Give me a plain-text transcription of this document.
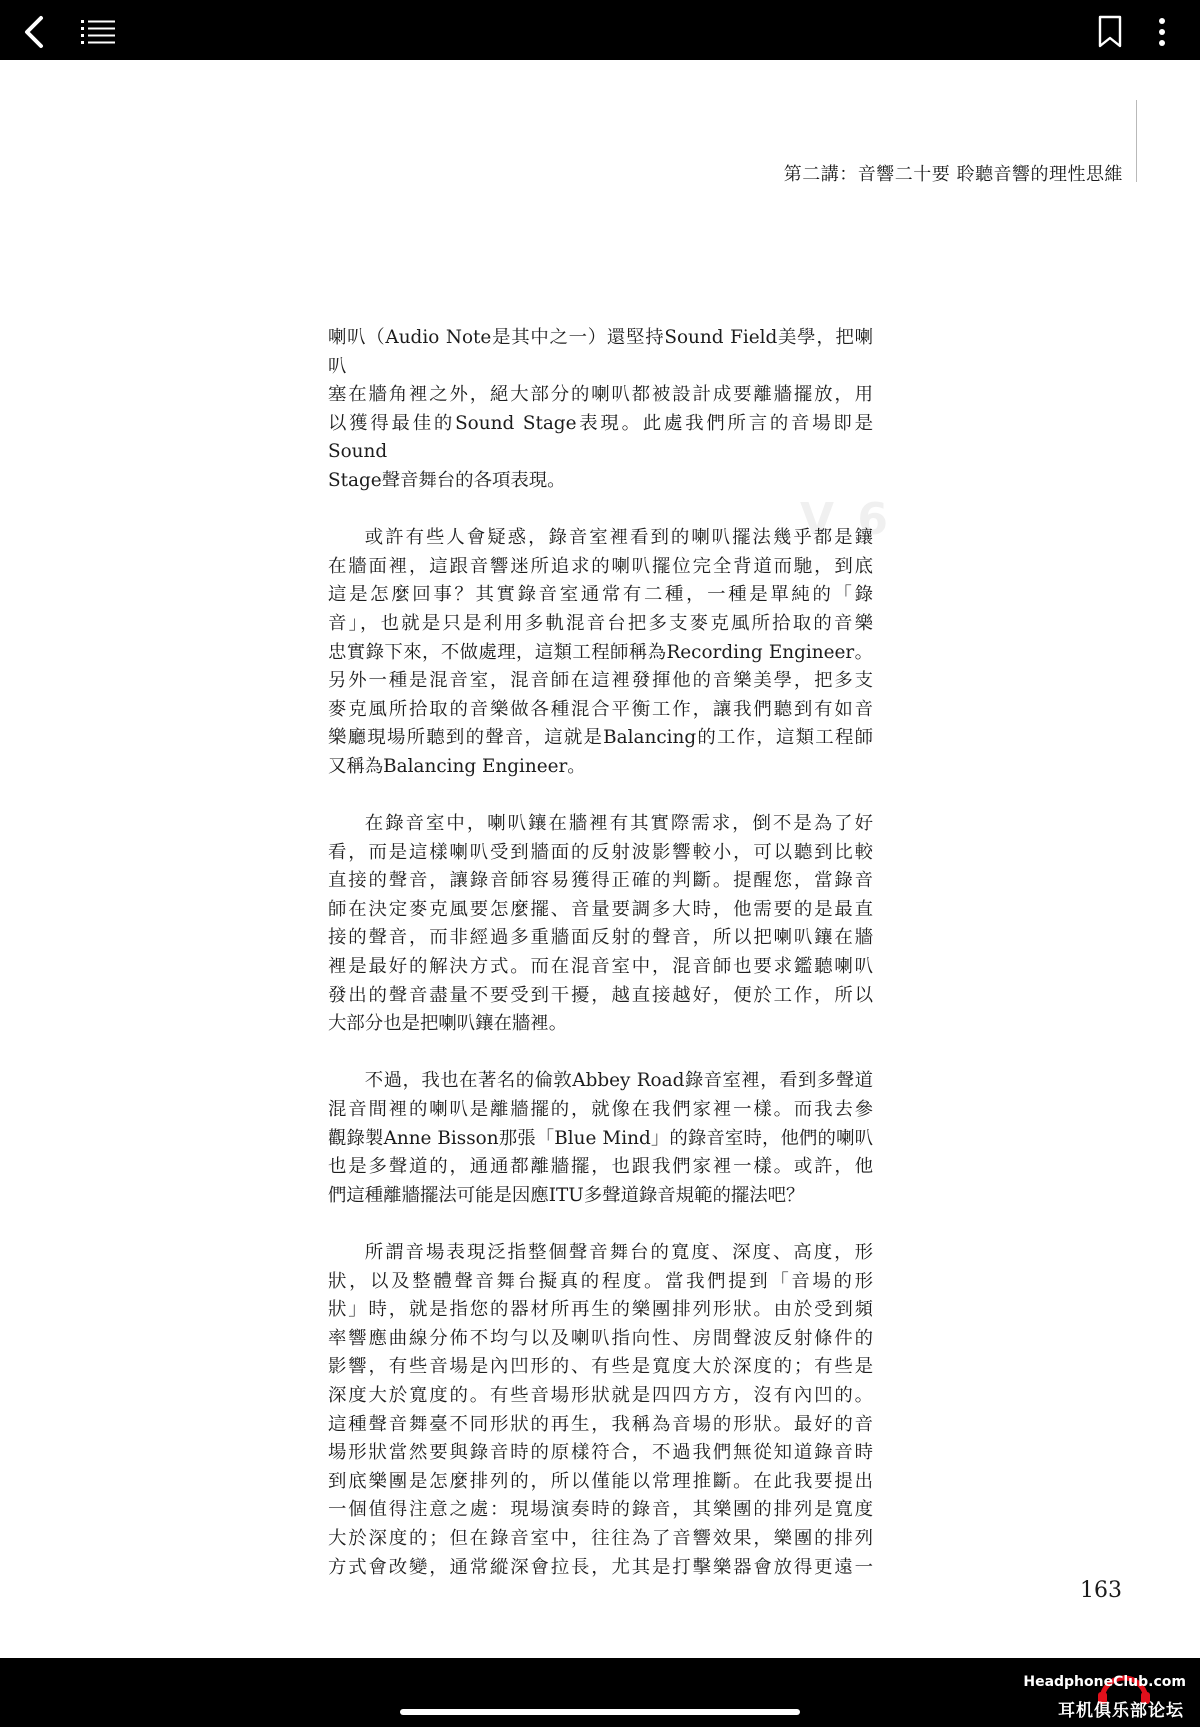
第二講：音響二十要 聆聽音響的理性思維
V 6

喇叭（Audio Note是其中之一）還堅持Sound Field美學，把喇叭
塞在牆角裡之外，絕大部分的喇叭都被設計成要離牆擺放，用
以獲得最佳的Sound Stage表現。此處我們所言的音場即是Sound
Stage聲音舞台的各項表現。

或許有些人會疑惑，錄音室裡看到的喇叭擺法幾乎都是鑲
在牆面裡，這跟音響迷所追求的喇叭擺位完全背道而馳，到底
這是怎麼回事？其實錄音室通常有二種，一種是單純的「錄
音」，也就是只是利用多軌混音台把多支麥克風所拾取的音樂
忠實錄下來，不做處理，這類工程師稱為Recording Engineer。
另外一種是混音室，混音師在這裡發揮他的音樂美學，把多支
麥克風所拾取的音樂做各種混合平衡工作，讓我們聽到有如音
樂廳現場所聽到的聲音，這就是Balancing的工作，這類工程師
又稱為Balancing Engineer。

在錄音室中，喇叭鑲在牆裡有其實際需求，倒不是為了好
看，而是這樣喇叭受到牆面的反射波影響較小，可以聽到比較
直接的聲音，讓錄音師容易獲得正確的判斷。提醒您，當錄音
師在決定麥克風要怎麼擺、音量要調多大時，他需要的是最直
接的聲音，而非經過多重牆面反射的聲音，所以把喇叭鑲在牆
裡是最好的解決方式。而在混音室中，混音師也要求鑑聽喇叭
發出的聲音盡量不要受到干擾，越直接越好，便於工作，所以
大部分也是把喇叭鑲在牆裡。

不過，我也在著名的倫敦Abbey Road錄音室裡，看到多聲道
混音間裡的喇叭是離牆擺的，就像在我們家裡一樣。而我去參
觀錄製Anne Bisson那張「Blue Mind」的錄音室時，他們的喇叭
也是多聲道的，通通都離牆擺，也跟我們家裡一樣。或許，他
們這種離牆擺法可能是因應ITU多聲道錄音規範的擺法吧？

所謂音場表現泛指整個聲音舞台的寬度、深度、高度，形
狀，以及整體聲音舞台擬真的程度。當我們提到「音場的形
狀」時，就是指您的器材所再生的樂團排列形狀。由於受到頻
率響應曲線分佈不均勻以及喇叭指向性、房間聲波反射條件的
影響，有些音場是內凹形的、有些是寬度大於深度的；有些是
深度大於寬度的。有些音場形狀就是四四方方，沒有內凹的。
這種聲音舞臺不同形狀的再生，我稱為音場的形狀。最好的音
場形狀當然要與錄音時的原樣符合，不過我們無從知道錄音時
到底樂團是怎麼排列的，所以僅能以常理推斷。在此我要提出
一個值得注意之處：現場演奏時的錄音，其樂團的排列是寬度
大於深度的；但在錄音室中，往往為了音響效果，樂團的排列
方式會改變，通常縱深會拉長，尤其是打擊樂器會放得更遠一

163
HeadphoneClub.com
耳机俱乐部论坛
